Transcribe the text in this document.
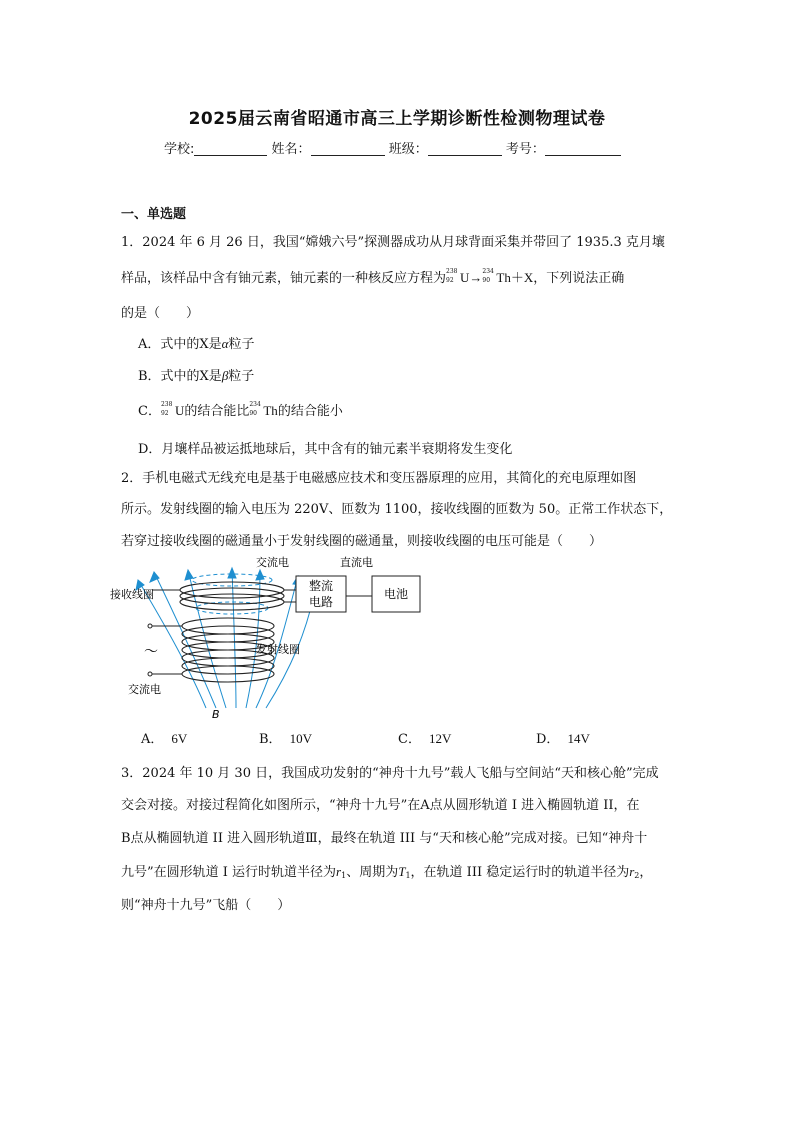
2025届云南省昭通市高三上学期诊断性检测物理试卷
学校:	姓名：	班级：	考号：
一、单选题
1．2024 年 6 月 26 日，我国“嫦娥六号”探测器成功从月球背面采集并带回了 1935.3 克月壤
样品，该样品中含有铀元素，铀元素的一种核反应方程为 238
92 U→ 234
90 Th＋X，下列说法正确
的是（　　）
A．式中的X是α粒子
B．式中的X是β粒子
C． 238
92 U的结合能比 234
90 Th的结合能小
D．月壤样品被运抵地球后，其中含有的铀元素半衰期将发生变化
2．手机电磁式无线充电是基于电磁感应技术和变压器原理的应用，其简化的充电原理如图
所示。发射线圈的输入电压为 220V、匝数为 1100，接收线圈的匝数为 50。正常工作状态下，
若穿过接收线圈的磁通量小于发射线圈的磁通量，则接收线圈的电压可能是（　　）
整流
电路
电池
交流电	直流电
接收线圈
发射线圈
～
交流电
B
A． 6V	B． 10V	C． 12V	D． 14V
3．2024 年 10 月 30 日，我国成功发射的“神舟十九号”载人飞船与空间站“天和核心舱”完成
交会对接。对接过程简化如图所示，“神舟十九号”在A点从圆形轨道 I 进入椭圆轨道 II，在
B点从椭圆轨道 II 进入圆形轨道Ⅲ，最终在轨道 III 与“天和核心舱”完成对接。已知“神舟十
九号”在圆形轨道 I 运行时轨道半径为r1、周期为T1，在轨道 III 稳定运行时的轨道半径为r2，
则“神舟十九号”飞船（　　）
